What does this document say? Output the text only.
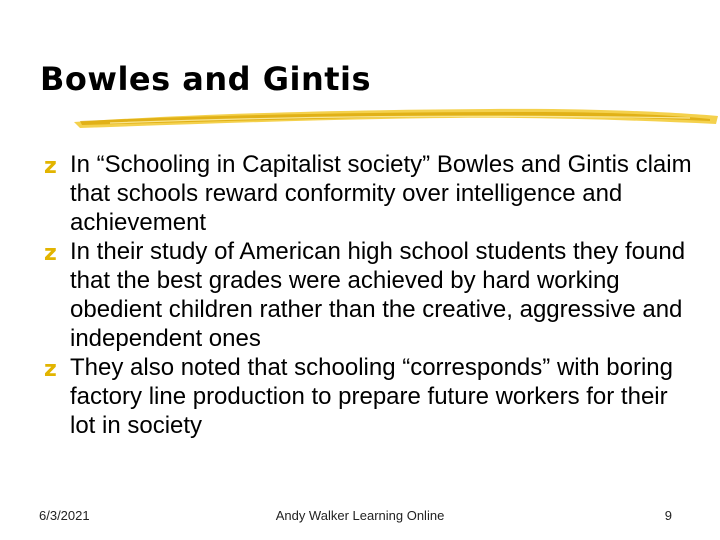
Bowles and Gintis
z In “Schooling in Capitalist society” Bowles and Gintis claim that schools reward conformity over intelligence and achievement
z In their study of American high school students they found that the best grades were achieved by hard working obedient children rather than the creative, aggressive and independent ones
z They also noted that schooling “corresponds” with boring factory line production to prepare future workers for their lot in society
6/3/2021	Andy Walker Learning Online	9
